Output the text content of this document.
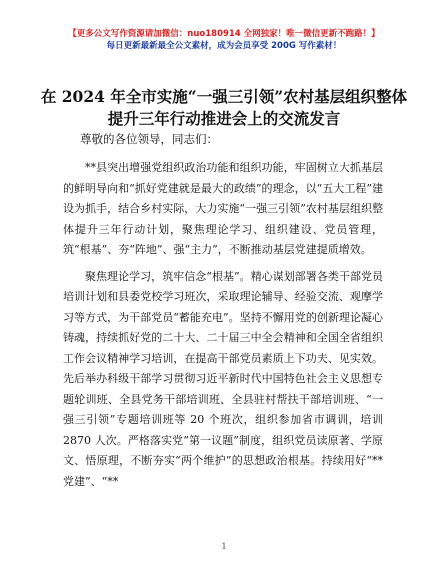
【更多公文写作资源请加微信：nuo180914 全网独家！唯一微信更新不跑路！】
每日更新最新最全公文素材，成为会员享受 200G 写作素材！
在 2024 年全市实施“一强三引领”农村基层组织整体提升三年行动推进会上的交流发言
尊敬的各位领导，同志们：

**县突出增强党组织政治功能和组织功能，牢固树立大抓基层的鲜明导向和“抓好党建就是最大的政绩”的理念，以“五大工程”建设为抓手，结合乡村实际，大力实施“一强三引领”农村基层组织整体提升三年行动计划，聚焦理论学习、组织建设、党员管理，筑“根基”、夯“阵地”、强“主力”，不断推动基层党建提质增效。

聚焦理论学习，筑牢信念“根基”。精心谋划部署各类干部党员培训计划和县委党校学习班次，采取理论辅导、经验交流、观摩学习等方式，为干部党员“蓄能充电”。坚持不懈用党的创新理论凝心铸魂，持续抓好党的二十大、二十届三中全会精神和全国全省组织工作会议精神学习培训，在提高干部党员素质上下功夫、见实效。先后举办科级干部学习贯彻习近平新时代中国特色社会主义思想专题轮训班、全县党务干部培训班、全县驻村帮扶干部培训班、“一强三引领”专题培训班等 20 个班次，组织参加省市调训，培训 2870 人次。严格落实党“第一议题”制度，组织党员读原著、学原文、悟原理，不断夯实“两个维护”的思想政治根基。持续用好“**党建”、“**

1
